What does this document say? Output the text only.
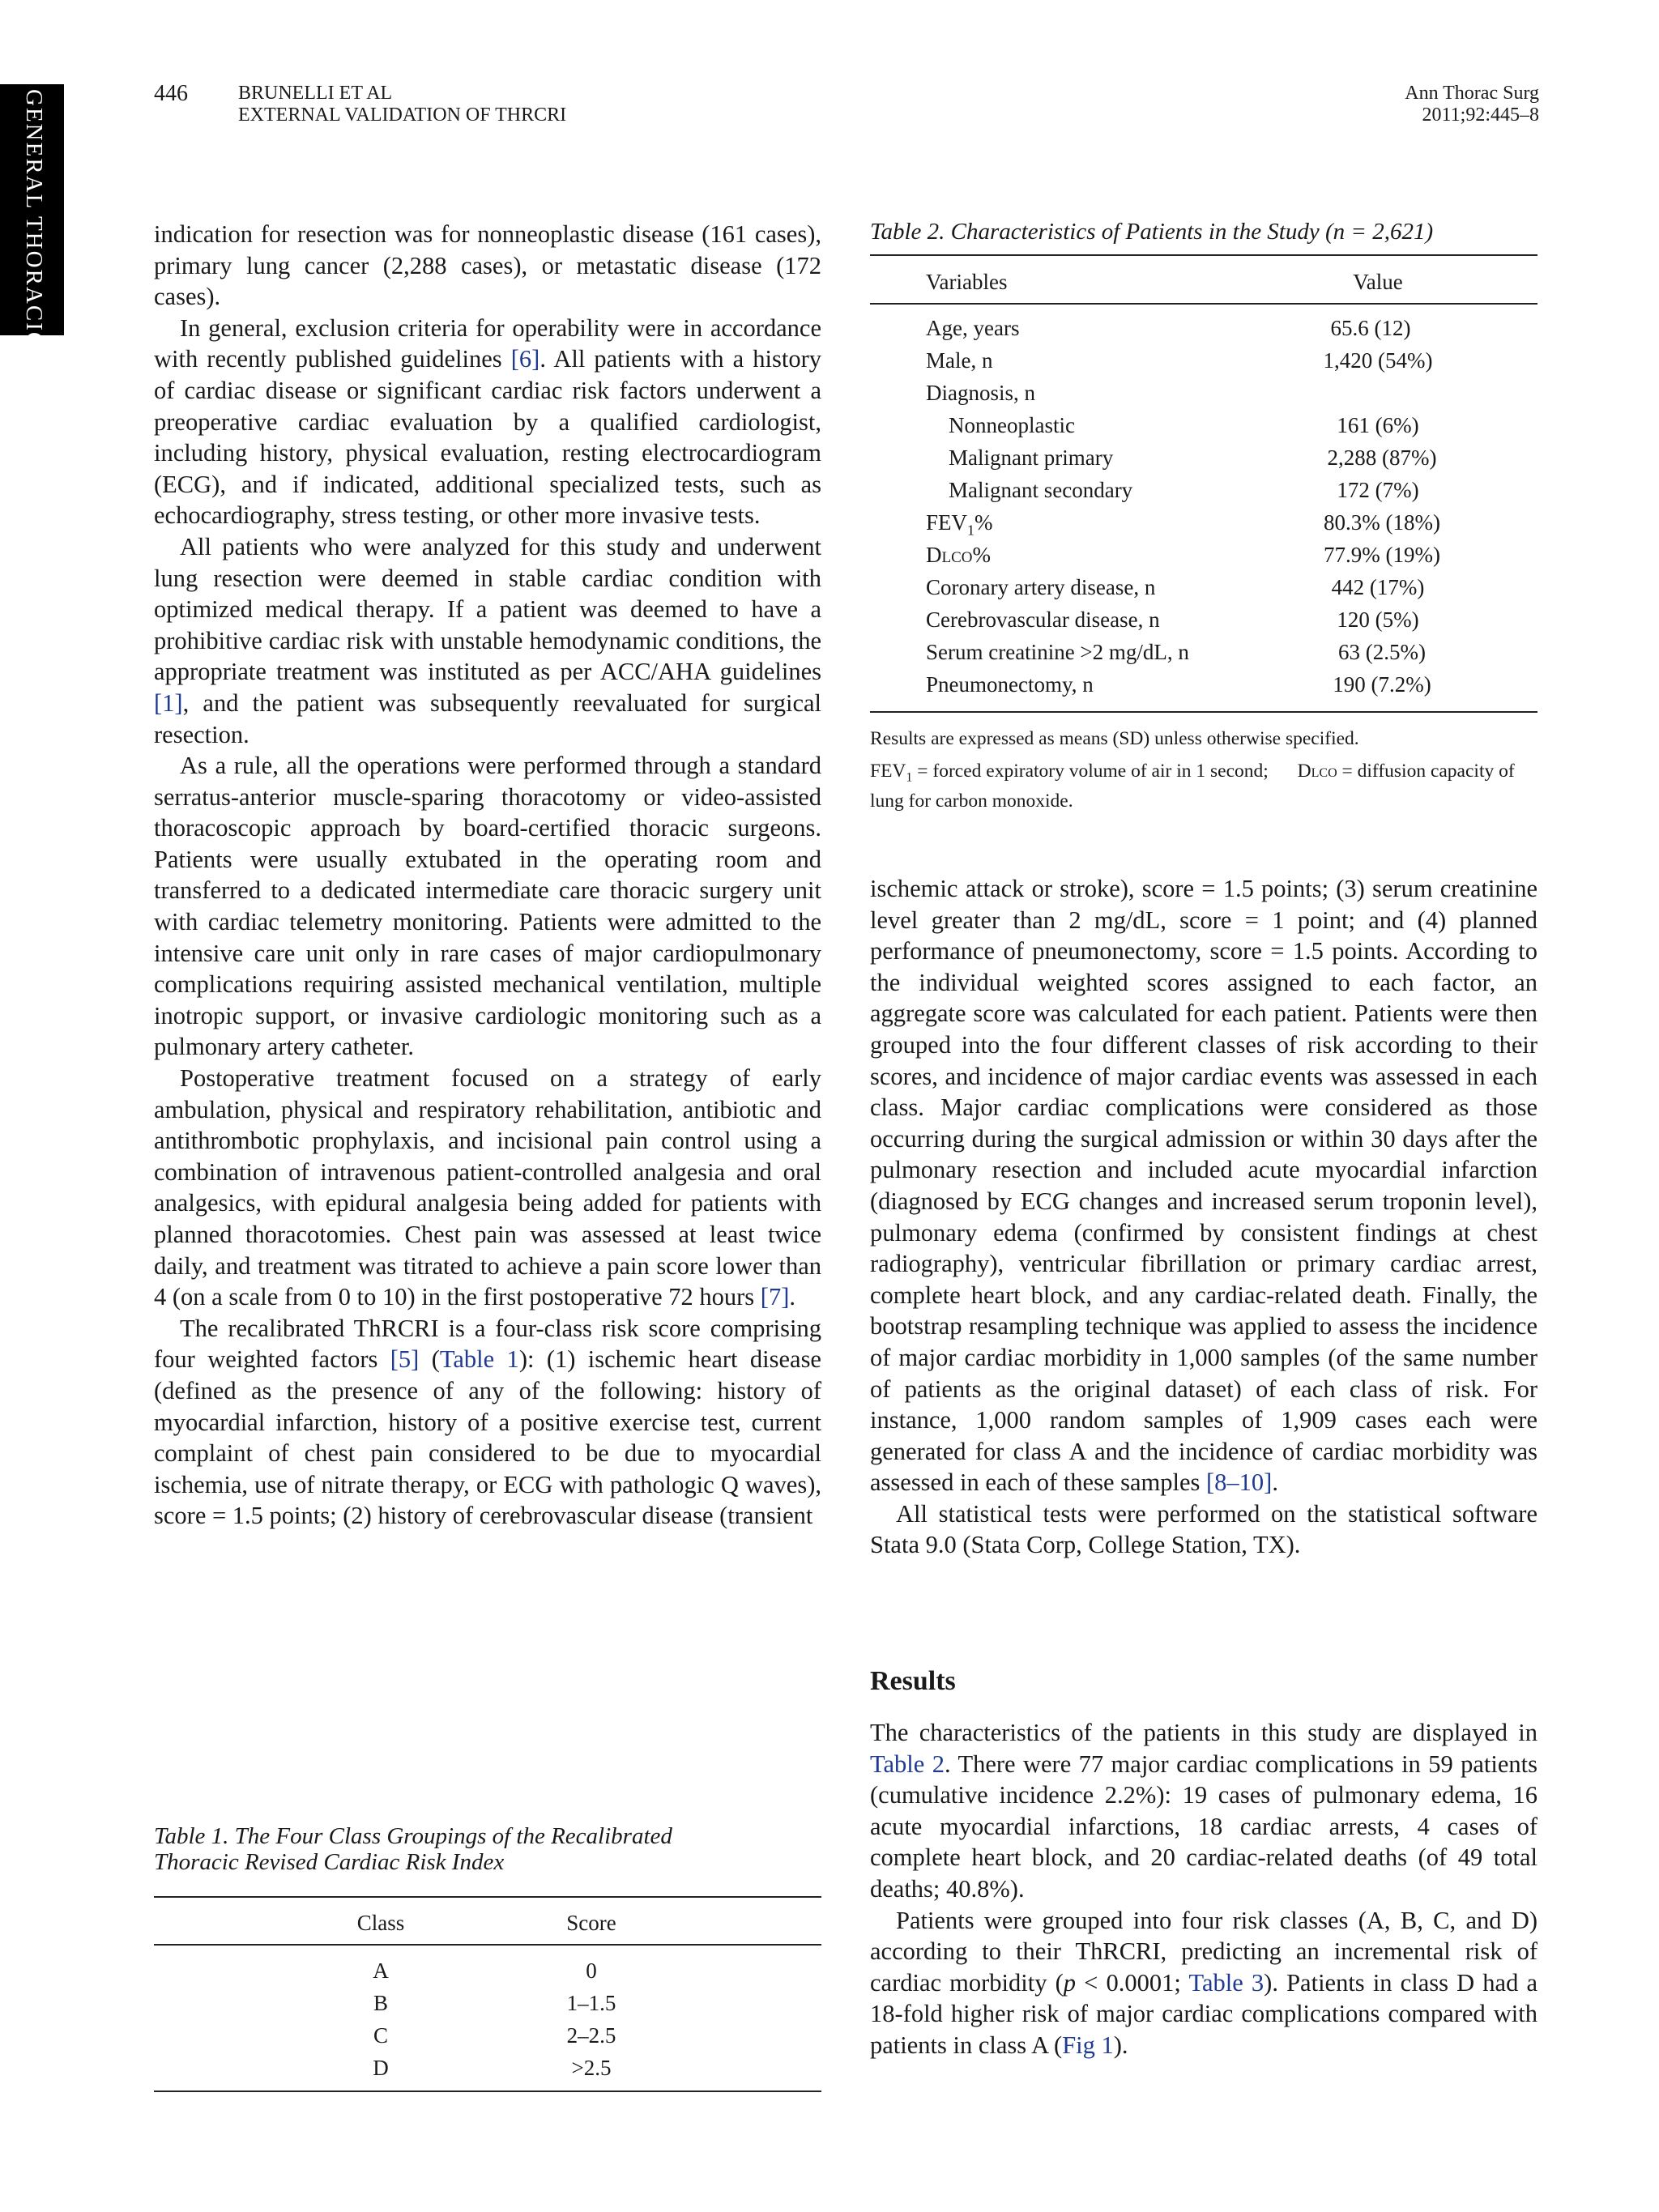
GENERAL THORACIC	446	BRUNELLI ET AL
EXTERNAL VALIDATION OF THRCRI
Ann Thorac Surg
2011;92:445–8

indication for resection was for nonneoplastic disease (161 cases), primary lung cancer (2,288 cases), or metastatic disease (172 cases).

In general, exclusion criteria for operability were in accordance with recently published guidelines [6]. All patients with a history of cardiac disease or significant cardiac risk factors underwent a preoperative cardiac evaluation by a qualified cardiologist, including history, physical evaluation, resting electrocardiogram (ECG), and if indicated, additional specialized tests, such as echocardiography, stress testing, or other more invasive tests.

All patients who were analyzed for this study and underwent lung resection were deemed in stable cardiac condition with optimized medical therapy. If a patient was deemed to have a prohibitive cardiac risk with unstable hemodynamic conditions, the appropriate treatment was instituted as per ACC/AHA guidelines [1], and the patient was subsequently reevaluated for surgical resection.

As a rule, all the operations were performed through a standard serratus-anterior muscle-sparing thoracotomy or video-assisted thoracoscopic approach by board-certified thoracic surgeons. Patients were usually extubated in the operating room and transferred to a dedicated intermediate care thoracic surgery unit with cardiac telemetry monitoring. Patients were admitted to the intensive care unit only in rare cases of major cardiopulmonary complications requiring assisted mechanical ventilation, multiple inotropic support, or invasive cardiologic monitoring such as a pulmonary artery catheter.

Postoperative treatment focused on a strategy of early ambulation, physical and respiratory rehabilitation, antibiotic and antithrombotic prophylaxis, and incisional pain control using a combination of intravenous patient-controlled analgesia and oral analgesics, with epidural analgesia being added for patients with planned thoracotomies. Chest pain was assessed at least twice daily, and treatment was titrated to achieve a pain score lower than 4 (on a scale from 0 to 10) in the first postoperative 72 hours [7].

The recalibrated ThRCRI is a four-class risk score comprising four weighted factors [5] (Table 1): (1) ischemic heart disease (defined as the presence of any of the following: history of myocardial infarction, history of a positive exercise test, current complaint of chest pain considered to be due to myocardial ischemia, use of nitrate therapy, or ECG with pathologic Q waves), score = 1.5 points; (2) history of cerebrovascular disease (transient

Table 1. The Four Class Groupings of the Recalibrated
Thoracic Revised Cardiac Risk Index
Class	Score
A	0
B	1–1.5
C	2–2.5
D	>2.5
Table 2. Characteristics of Patients in the Study (n = 2,621)
Variables	Value
Age, years	65.6 (12)
Male, n	1,420 (54%)
Diagnosis, n
Nonneoplastic	161 (6%)
Malignant primary	2,288 (87%)
Malignant secondary	172 (7%)
$FEV_1\%$	80.3% (18%)
Dlco%	77.9% (19%)
Coronary artery disease, n	442 (17%)
Cerebrovascular disease, n	120 (5%)
Serum creatinine >2 mg/dL, n	63 (2.5%)
Pneumonectomy, n	190 (7.2%)
Results are expressed as means (SD) unless otherwise specified.
$FEV_1$ = forced expiratory volume of air in 1 second; Dlco = diffusion capacity of lung for carbon monoxide.

ischemic attack or stroke), score = 1.5 points; (3) serum creatinine level greater than 2 mg/dL, score = 1 point; and (4) planned performance of pneumonectomy, score = 1.5 points. According to the individual weighted scores assigned to each factor, an aggregate score was calculated for each patient. Patients were then grouped into the four different classes of risk according to their scores, and incidence of major cardiac events was assessed in each class. Major cardiac complications were considered as those occurring during the surgical admission or within 30 days after the pulmonary resection and included acute myocardial infarction (diagnosed by ECG changes and increased serum troponin level), pulmonary edema (confirmed by consistent findings at chest radiography), ventricular fibrillation or primary cardiac arrest, complete heart block, and any cardiac-related death. Finally, the bootstrap resampling technique was applied to assess the incidence of major cardiac morbidity in 1,000 samples (of the same number of patients as the original dataset) of each class of risk. For instance, 1,000 random samples of 1,909 cases each were generated for class A and the incidence of cardiac morbidity was assessed in each of these samples [8–10].

All statistical tests were performed on the statistical software Stata 9.0 (Stata Corp, College Station, TX).

Results

The characteristics of the patients in this study are displayed in Table 2. There were 77 major cardiac complications in 59 patients (cumulative incidence 2.2%): 19 cases of pulmonary edema, 16 acute myocardial infarctions, 18 cardiac arrests, 4 cases of complete heart block, and 20 cardiac-related deaths (of 49 total deaths; 40.8%).

Patients were grouped into four risk classes (A, B, C, and D) according to their ThRCRI, predicting an incremental risk of cardiac morbidity (p < 0.0001; Table 3). Patients in class D had a 18-fold higher risk of major cardiac complications compared with patients in class A (Fig 1).
